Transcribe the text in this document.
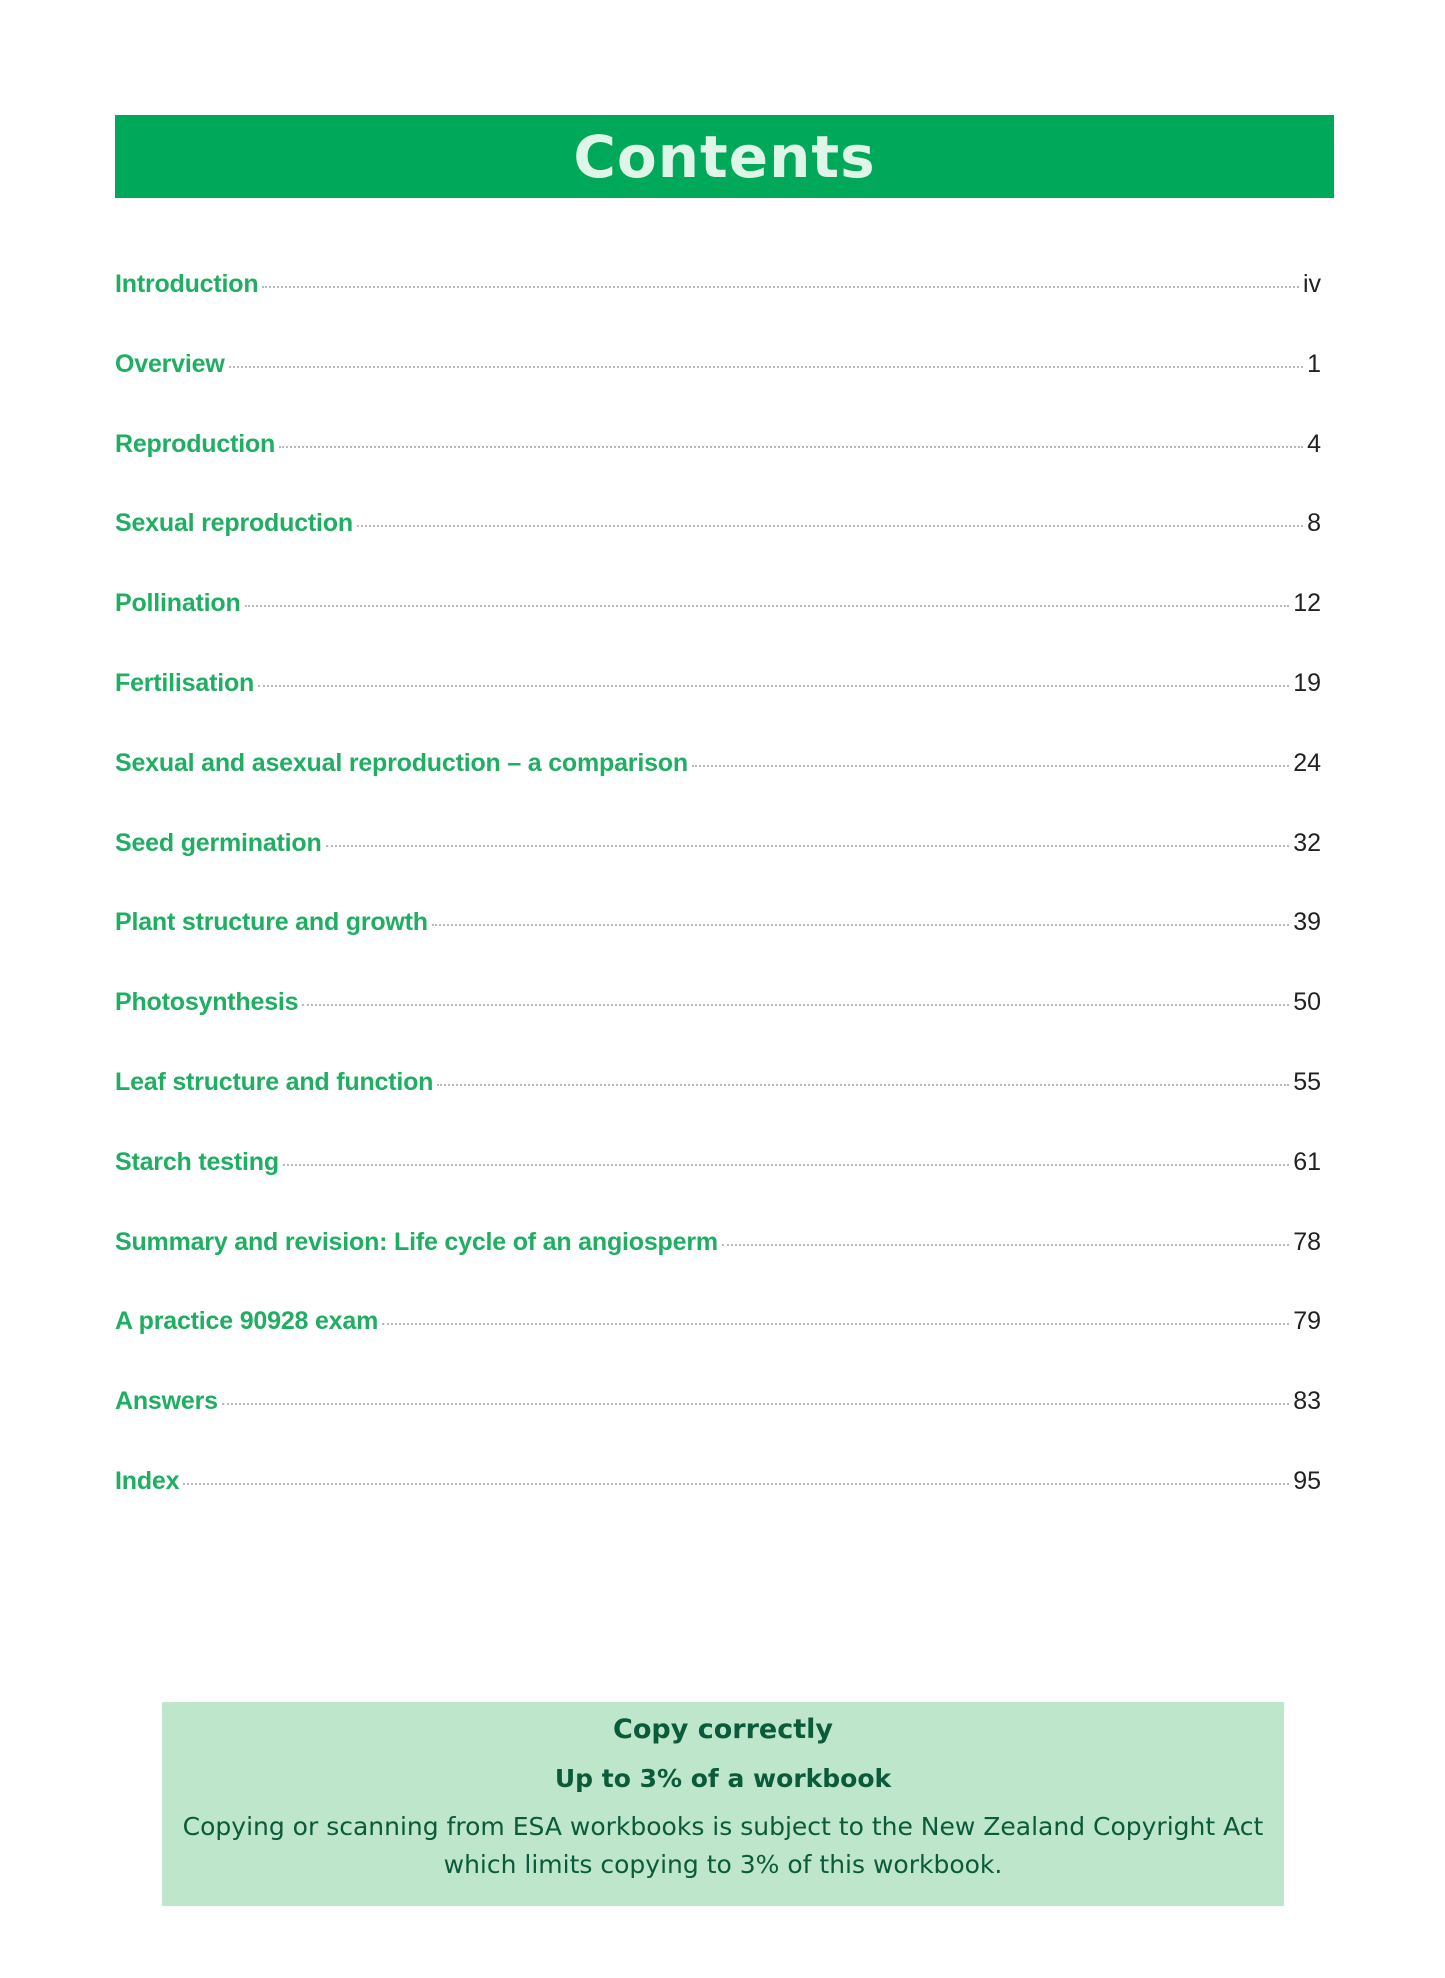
Contents
Introduction	iv
Overview	1
Reproduction	4
Sexual reproduction	8
Pollination	12
Fertilisation	19
Sexual and asexual reproduction – a comparison	24
Seed germination	32
Plant structure and growth	39
Photosynthesis	50
Leaf structure and function	55
Starch testing	61
Summary and revision: Life cycle of an angiosperm	78
A practice 90928 exam	79
Answers	83
Index	95

Copy correctly

Up to 3% of a workbook

Copying or scanning from ESA workbooks is subject to the New Zealand Copyright Act which limits copying to 3% of this workbook.
